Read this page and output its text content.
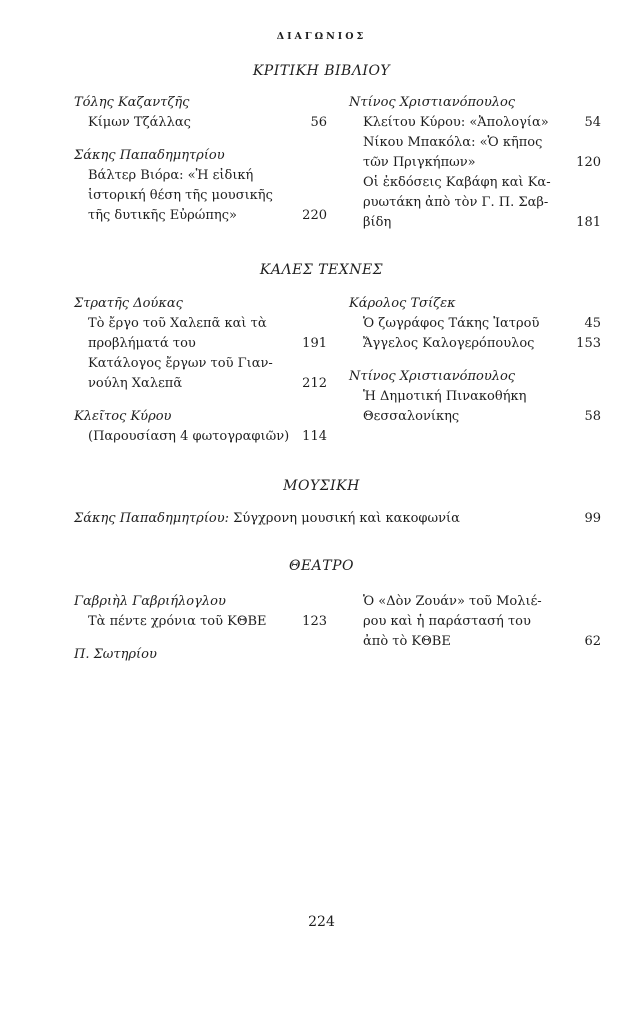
ΔΙΑΓΩΝΙΟΣ
ΚΡΙΤΙΚΗ ΒΙΒΛΙΟΥ
Τόλης Καζαντζῆς
Κίμων Τζάλλας	56
Σάκης Παπαδημητρίου
Βάλτερ Βιόρα: «Ἡ εἰδική
ἱστορική θέση τῆς μουσικῆς
τῆς δυτικῆς Εὐρώπης»	220
Ντίνος Χριστιανόπουλος
Κλείτου Κύρου: «Ἀπολογία»	54
Νίκου Μπακόλα: «Ὁ κῆπος
τῶν Πριγκήπων»	120
Οἱ ἐκδόσεις Καβάφη καὶ Κα-
ρυωτάκη ἀπὸ τὸν Γ. Π. Σαβ-
βίδη	181
ΚΑΛΕΣ ΤΕΧΝΕΣ
Στρατῆς Δούκας
Τὸ ἔργο τοῦ Χαλεπᾶ καὶ τὰ
προβλήματά του	191
Κατάλογος ἔργων τοῦ Γιαν-
νούλη Χαλεπᾶ	212
Κλεῖτος Κύρου
(Παρουσίαση 4 φωτογραφιῶν) 114
Κάρολος Τσίζεκ
Ὁ ζωγράφος Τάκης Ἰατροῦ	45
Ἄγγελος Καλογερόπουλος	153
Ντίνος Χριστιανόπουλος
Ἡ Δημοτική Πινακοθήκη
Θεσσαλονίκης	58
ΜΟΥΣΙΚΗ
Σάκης Παπαδημητρίου: Σύγχρονη μουσική καὶ κακοφωνία	99
ΘΕΑΤΡΟ
Γαβριὴλ Γαβριήλογλου
Τὰ πέντε χρόνια τοῦ ΚΘΒΕ	123
Π. Σωτηρίου
Ὁ «Δὸν Ζουάν» τοῦ Μολιέ-
ρου καὶ ἡ παράστασή του
ἀπὸ τὸ ΚΘΒΕ	62
224
